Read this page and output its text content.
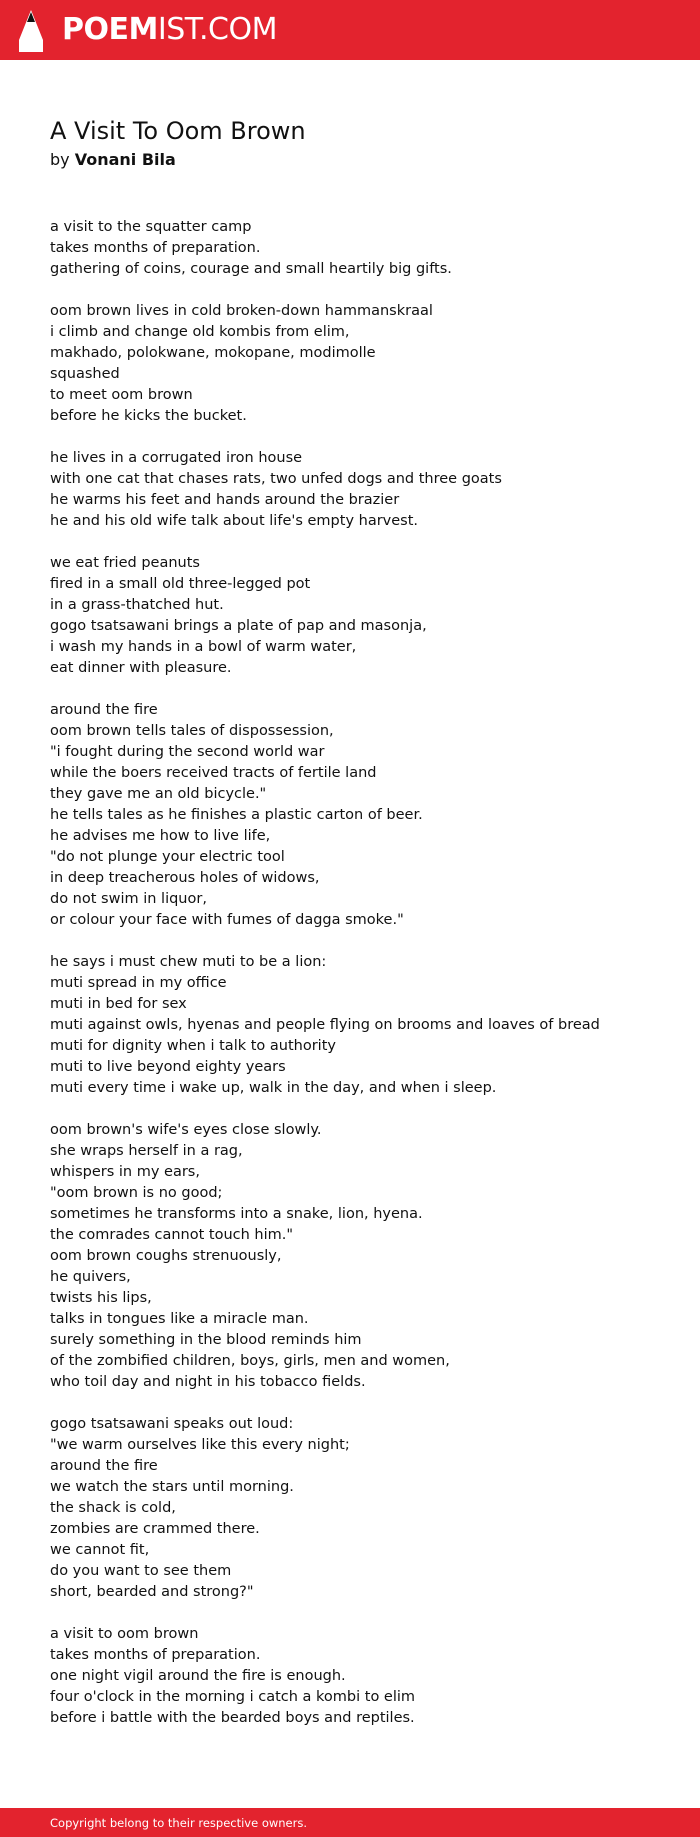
POEMIST.COM
A Visit To Oom Brown
by Vonani Bila
a visit to the squatter camp
takes months of preparation.
gathering of coins, courage and small heartily big gifts.
oom brown lives in cold broken-down hammanskraal
i climb and change old kombis from elim,
makhado, polokwane, mokopane, modimolle
squashed
to meet oom brown
before he kicks the bucket.
he lives in a corrugated iron house
with one cat that chases rats, two unfed dogs and three goats
he warms his feet and hands around the brazier
he and his old wife talk about life's empty harvest.
we eat fried peanuts
fired in a small old three-legged pot
in a grass-thatched hut.
gogo tsatsawani brings a plate of pap and masonja,
i wash my hands in a bowl of warm water,
eat dinner with pleasure.
around the fire
oom brown tells tales of dispossession,
"i fought during the second world war
while the boers received tracts of fertile land
they gave me an old bicycle."
he tells tales as he finishes a plastic carton of beer.
he advises me how to live life,
"do not plunge your electric tool
in deep treacherous holes of widows,
do not swim in liquor,
or colour your face with fumes of dagga smoke."
he says i must chew muti to be a lion:
muti spread in my office
muti in bed for sex
muti against owls, hyenas and people flying on brooms and loaves of bread
muti for dignity when i talk to authority
muti to live beyond eighty years
muti every time i wake up, walk in the day, and when i sleep.
oom brown's wife's eyes close slowly.
she wraps herself in a rag,
whispers in my ears,
"oom brown is no good;
sometimes he transforms into a snake, lion, hyena.
the comrades cannot touch him."
oom brown coughs strenuously,
he quivers,
twists his lips,
talks in tongues like a miracle man.
surely something in the blood reminds him
of the zombified children, boys, girls, men and women,
who toil day and night in his tobacco fields.
gogo tsatsawani speaks out loud:
"we warm ourselves like this every night;
around the fire
we watch the stars until morning.
the shack is cold,
zombies are crammed there.
we cannot fit,
do you want to see them
short, bearded and strong?"
a visit to oom brown
takes months of preparation.
one night vigil around the fire is enough.
four o'clock in the morning i catch a kombi to elim
before i battle with the bearded boys and reptiles.
Copyright belong to their respective owners.
